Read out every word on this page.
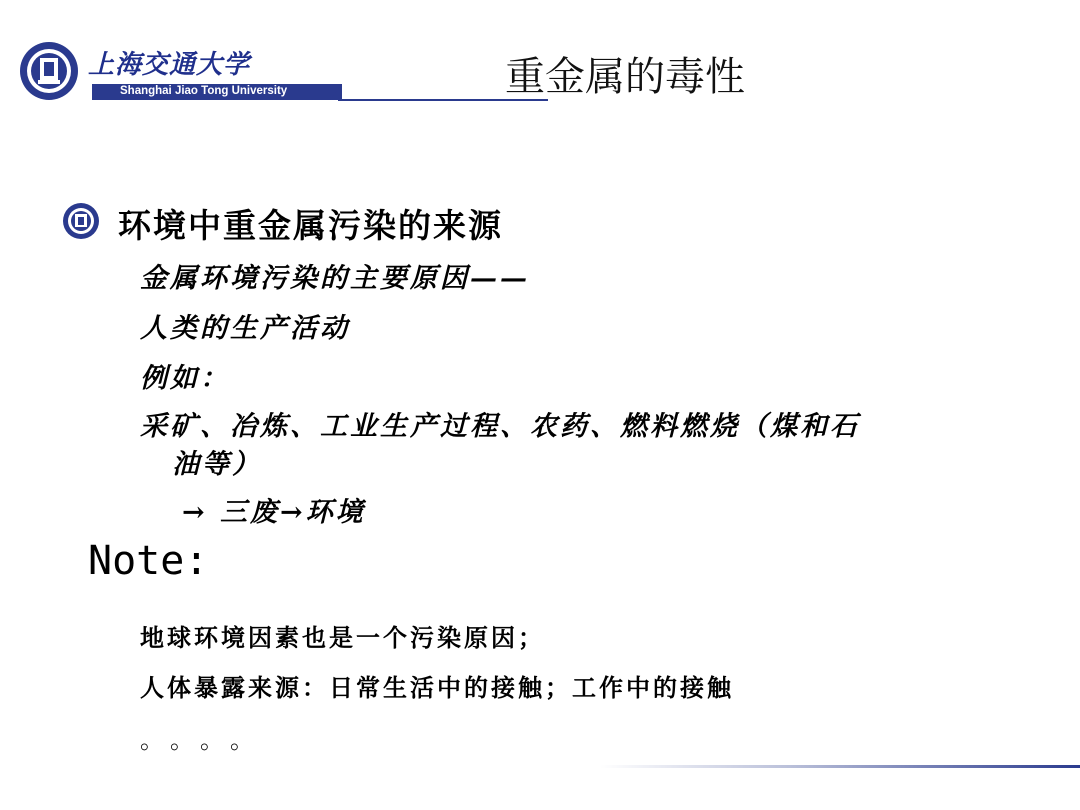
上海交通大学
Shanghai Jiao Tong University	重金属的毒性
环境中重金属污染的来源
金属环境污染的主要原因——
人类的生产活动
例如：
采矿、冶炼、工业生产过程、农药、燃料燃烧（煤和石
油等）
→ 三废→环境
Note:
地球环境因素也是一个污染原因；
人体暴露来源：日常生活中的接触；工作中的接触
。。。。
